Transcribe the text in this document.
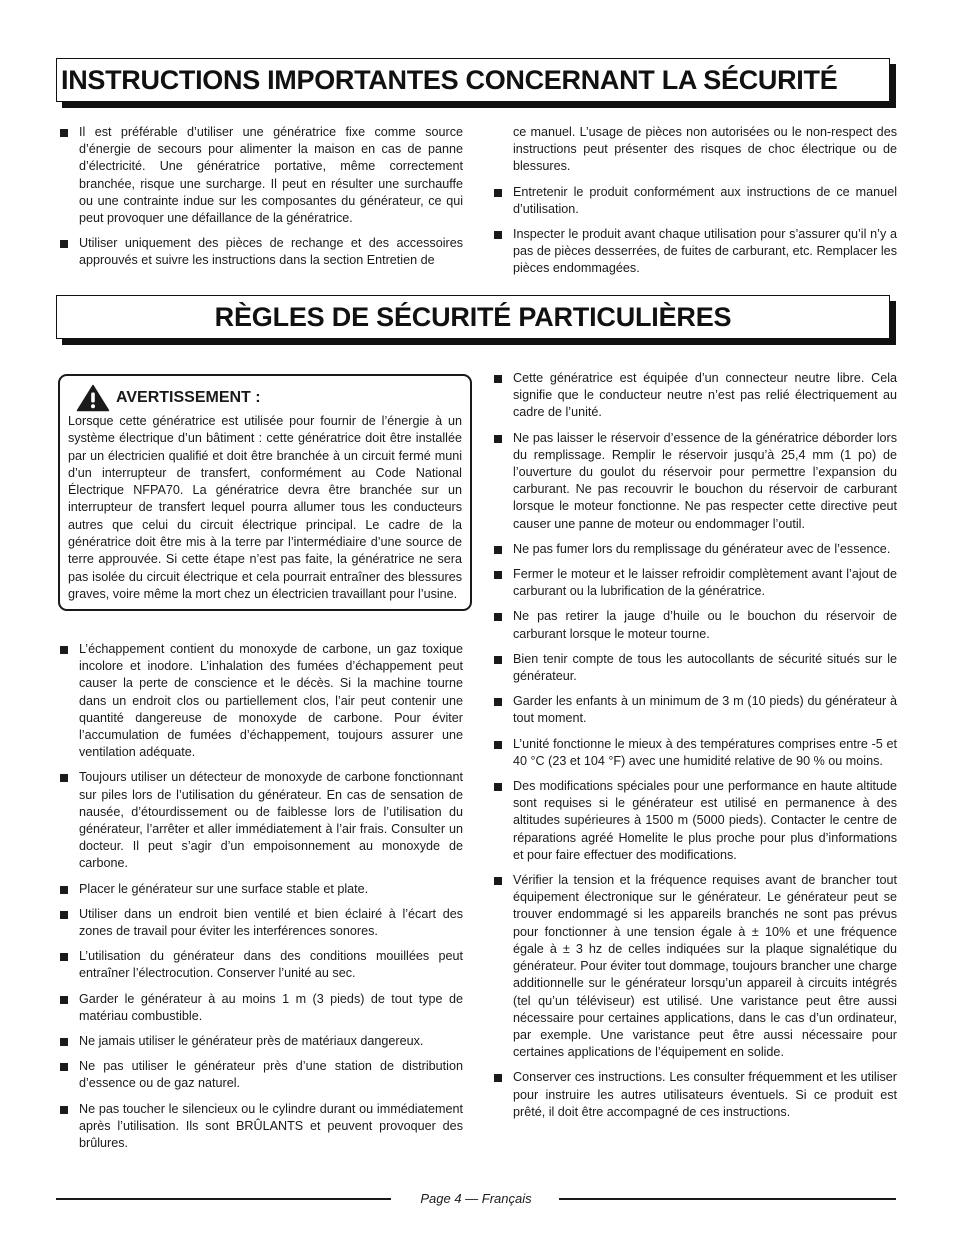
INSTRUCTIONS IMPORTANTES CONCERNANT LA SÉCURITÉ

Il est préférable d’utiliser une génératrice fixe comme source d’énergie de secours pour alimenter la maison en cas de panne d’électricité. Une génératrice portative, même correctement branchée, risque une surcharge. Il peut en résulter une surchauffe ou une contrainte indue sur les composantes du générateur, ce qui peut provoquer une défaillance de la génératrice.

Utiliser uniquement des pièces de rechange et des accessoires approuvés et suivre les instructions dans la section Entretien de

ce manuel. L’usage de pièces non autorisées ou le non-respect des instructions peut présenter des risques de choc électrique ou de blessures.

Entretenir le produit conformément aux instructions de ce manuel d’utilisation.

Inspecter le produit avant chaque utilisation pour s’assurer qu’il n’y a pas de pièces desserrées, de fuites de carburant, etc. Remplacer les pièces endommagées.

RÈGLES DE SÉCURITÉ PARTICULIÈRES
AVERTISSEMENT :
Lorsque cette génératrice est utilisée pour fournir de l’énergie à un système électrique d’un bâtiment : cette génératrice doit être installée par un électricien qualifié et doit être branchée à un circuit fermé muni d’un interrupteur de transfert, conformément au Code National Électrique NFPA70. La génératrice devra être branchée sur un interrupteur de transfert lequel pourra allumer tous les conducteurs autres que celui du circuit électrique principal. Le cadre de la génératrice doit être mis à la terre par l’intermédiaire d’une source de terre approuvée. Si cette étape n’est pas faite, la génératrice ne sera pas isolée du circuit électrique et cela pourrait entraîner des blessures graves, voire même la mort chez un électricien travaillant pour l’usine.

L’échappement contient du monoxyde de carbone, un gaz toxique incolore et inodore. L’inhalation des fumées d’échappement peut causer la perte de conscience et le décès. Si la machine tourne dans un endroit clos ou partiellement clos, l’air peut contenir une quantité dangereuse de monoxyde de carbone. Pour éviter l’accumulation de fumées d’échappement, toujours assurer une ventilation adéquate.

Toujours utiliser un détecteur de monoxyde de carbone fonctionnant sur piles lors de l’utilisation du générateur. En cas de sensation de nausée, d’étourdissement ou de faiblesse lors de l’utilisation du générateur, l’arrêter et aller immédiatement à l’air frais. Consulter un docteur. Il peut s’agir d’un empoisonnement au monoxyde de carbone.

Placer le générateur sur une surface stable et plate.

Utiliser dans un endroit bien ventilé et bien éclairé à l’écart des zones de travail pour éviter les interférences sonores.

L’utilisation du générateur dans des conditions mouillées peut entraîner l’électrocution. Conserver l’unité au sec.

Garder le générateur à au moins 1 m (3 pieds) de tout type de matériau combustible.

Ne jamais utiliser le générateur près de matériaux dangereux.

Ne pas utiliser le générateur près d’une station de distribution d’essence ou de gaz naturel.

Ne pas toucher le silencieux ou le cylindre durant ou immédiatement après l’utilisation. Ils sont BRÛLANTS et peuvent provoquer des brûlures.

Cette génératrice est équipée d’un connecteur neutre libre. Cela signifie que le conducteur neutre n’est pas relié électriquement au cadre de l’unité.

Ne pas laisser le réservoir d’essence de la génératrice déborder lors du remplissage. Remplir le réservoir jusqu’à 25,4 mm (1 po) de l’ouverture du goulot du réservoir pour permettre l’expansion du carburant. Ne pas recouvrir le bouchon du réservoir de carburant lorsque le moteur fonctionne. Ne pas respecter cette directive peut causer une panne de moteur ou endommager l’outil.

Ne pas fumer lors du remplissage du générateur avec de l’essence.

Fermer le moteur et le laisser refroidir complètement avant l’ajout de carburant ou la lubrification de la génératrice.

Ne pas retirer la jauge d’huile ou le bouchon du réservoir de carburant lorsque le moteur tourne.

Bien tenir compte de tous les autocollants de sécurité situés sur le générateur.

Garder les enfants à un minimum de 3 m (10 pieds) du générateur à tout moment.

L’unité fonctionne le mieux à des températures comprises entre -5 et 40 °C (23 et 104 °F) avec une humidité relative de 90 % ou moins.

Des modifications spéciales pour une performance en haute altitude sont requises si le générateur est utilisé en permanence à des altitudes supérieures à 1500 m (5000 pieds). Contacter le centre de réparations agréé Homelite le plus proche pour plus d’informations et pour faire effectuer des modifications.

Vérifier la tension et la fréquence requises avant de brancher tout équipement électronique sur le générateur. Le générateur peut se trouver endommagé si les appareils branchés ne sont pas prévus pour fonctionner à une tension égale à ± 10% et une fréquence égale à ± 3 hz de celles indiquées sur la plaque signalétique du générateur. Pour éviter tout dommage, toujours brancher une charge additionnelle sur le générateur lorsqu’un appareil à circuits intégrés (tel qu’un téléviseur) est utilisé. Une varistance peut être aussi nécessaire pour certaines applications, dans le cas d’un ordinateur, par exemple. Une varistance peut être aussi nécessaire pour certaines applications de l’équipement en solide.

Conserver ces instructions. Les consulter fréquemment et les utiliser pour instruire les autres utilisateurs éventuels. Si ce produit est prêté, il doit être accompagné de ces instructions.

Page 4 — Français
